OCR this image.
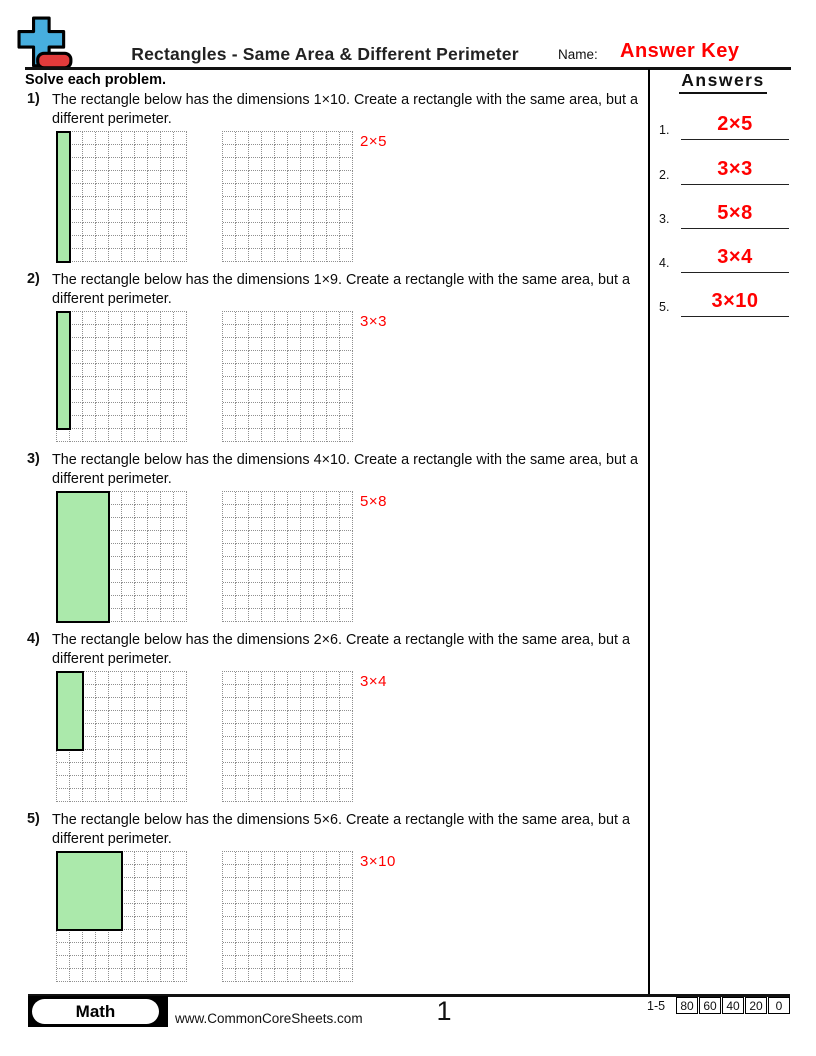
Rectangles - Same Area & Different Perimeter	Name: Answer Key
Solve each problem.	Answers
1.	2×5
2.	3×3
3.	5×8
4.	3×4
5.	3×10
1) The rectangle below has the dimensions 1×10. Create a rectangle with the same area, but a different perimeter.
2×5
2) The rectangle below has the dimensions 1×9. Create a rectangle with the same area, but a different perimeter.
3×3
3) The rectangle below has the dimensions 4×10. Create a rectangle with the same area, but a different perimeter.
5×8
4) The rectangle below has the dimensions 2×6. Create a rectangle with the same area, but a different perimeter.
3×4
5) The rectangle below has the dimensions 5×6. Create a rectangle with the same area, but a different perimeter.
3×10
Math	www.CommonCoreSheets.com	1	1-5	80 60 40 20	0
